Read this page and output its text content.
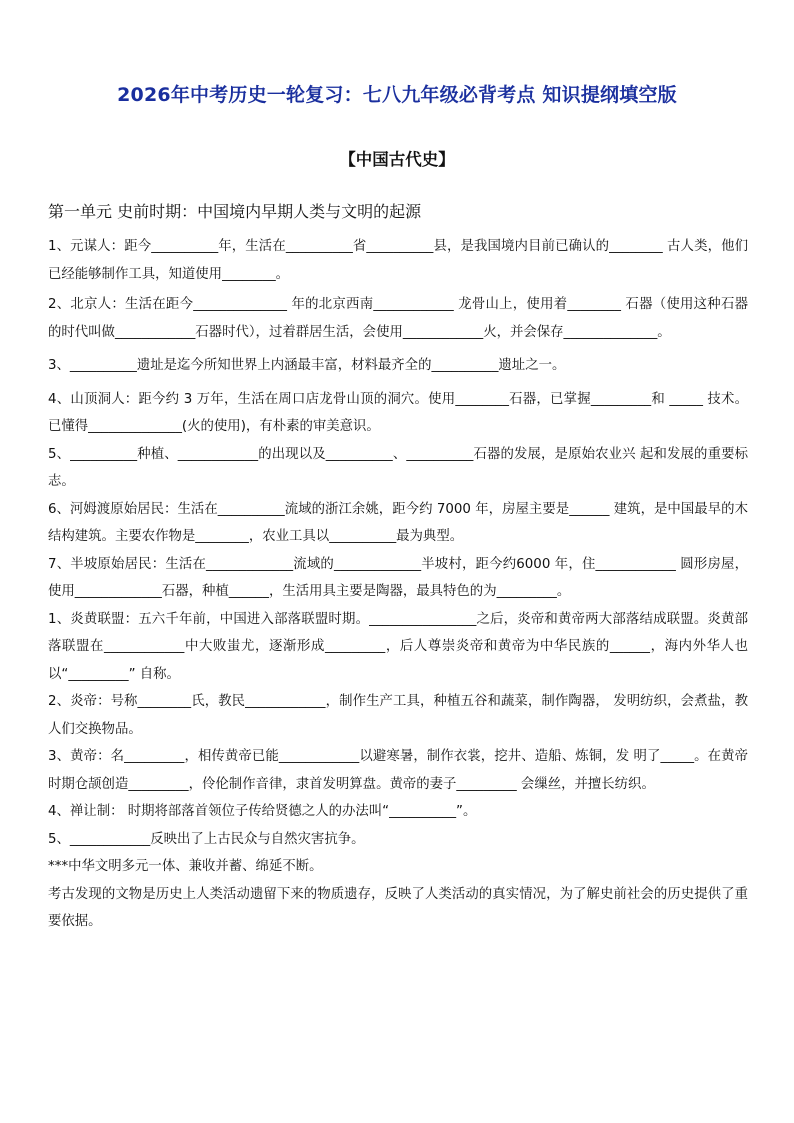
2026年中考历史一轮复习：七八九年级必背考点 知识提纲填空版
【中国古代史】
第一单元 史前时期：中国境内早期人类与文明的起源

1、元谋人：距今__________年，生活在__________省__________县，是我国境内目前已确认的________ 古人类，他们已经能够制作工具，知道使用________。

2、北京人：生活在距今______________ 年的北京西南____________ 龙骨山上，使用着________ 石器（使用这种石器的时代叫做____________石器时代），过着群居生活，会使用____________火，并会保存______________。

3、__________遗址是迄今所知世界上内涵最丰富，材料最齐全的__________遗址之一。

4、山顶洞人：距今约 3 万年，生活在周口店龙骨山顶的洞穴。使用________石器，已掌握_________和 _____ 技术。已懂得______________(火的使用)，有朴素的审美意识。

5、__________种植、____________的出现以及__________、__________石器的发展，是原始农业兴 起和发展的重要标志。

6、河姆渡原始居民：生活在__________流域的浙江余姚，距今约 7000 年，房屋主要是______ 建筑，是中国最早的木结构建筑。主要农作物是________，农业工具以__________最为典型。

7、半坡原始居民：生活在_____________流域的_____________半坡村，距今约6000 年，住____________ 圆形房屋，使用_____________石器，种植______，生活用具主要是陶器，最具特色的为_________。

1、炎黄联盟：五六千年前，中国进入部落联盟时期。________________之后，炎帝和黄帝两大部落结成联盟。炎黄部落联盟在____________中大败蚩尤，逐渐形成_________，后人尊崇炎帝和黄帝为中华民族的______，海内外华人也以“_________” 自称。

2、炎帝：号称________氏，教民____________，制作生产工具，种植五谷和蔬菜，制作陶器， 发明纺织，会煮盐，教人们交换物品。

3、黄帝：名_________，相传黄帝已能____________以避寒暑，制作衣裳，挖井、造船、炼铜，发 明了_____。在黄帝时期仓颉创造_________，伶伦制作音律，隶首发明算盘。黄帝的妻子_________ 会缫丝，并擅长纺织。

4、禅让制： 时期将部落首领位子传给贤德之人的办法叫“__________”。

5、____________反映出了上古民众与自然灾害抗争。

***中华文明多元一体、兼收并蓄、绵延不断。

考古发现的文物是历史上人类活动遗留下来的物质遗存，反映了人类活动的真实情况，为了解史前社会的历史提供了重要依据。
